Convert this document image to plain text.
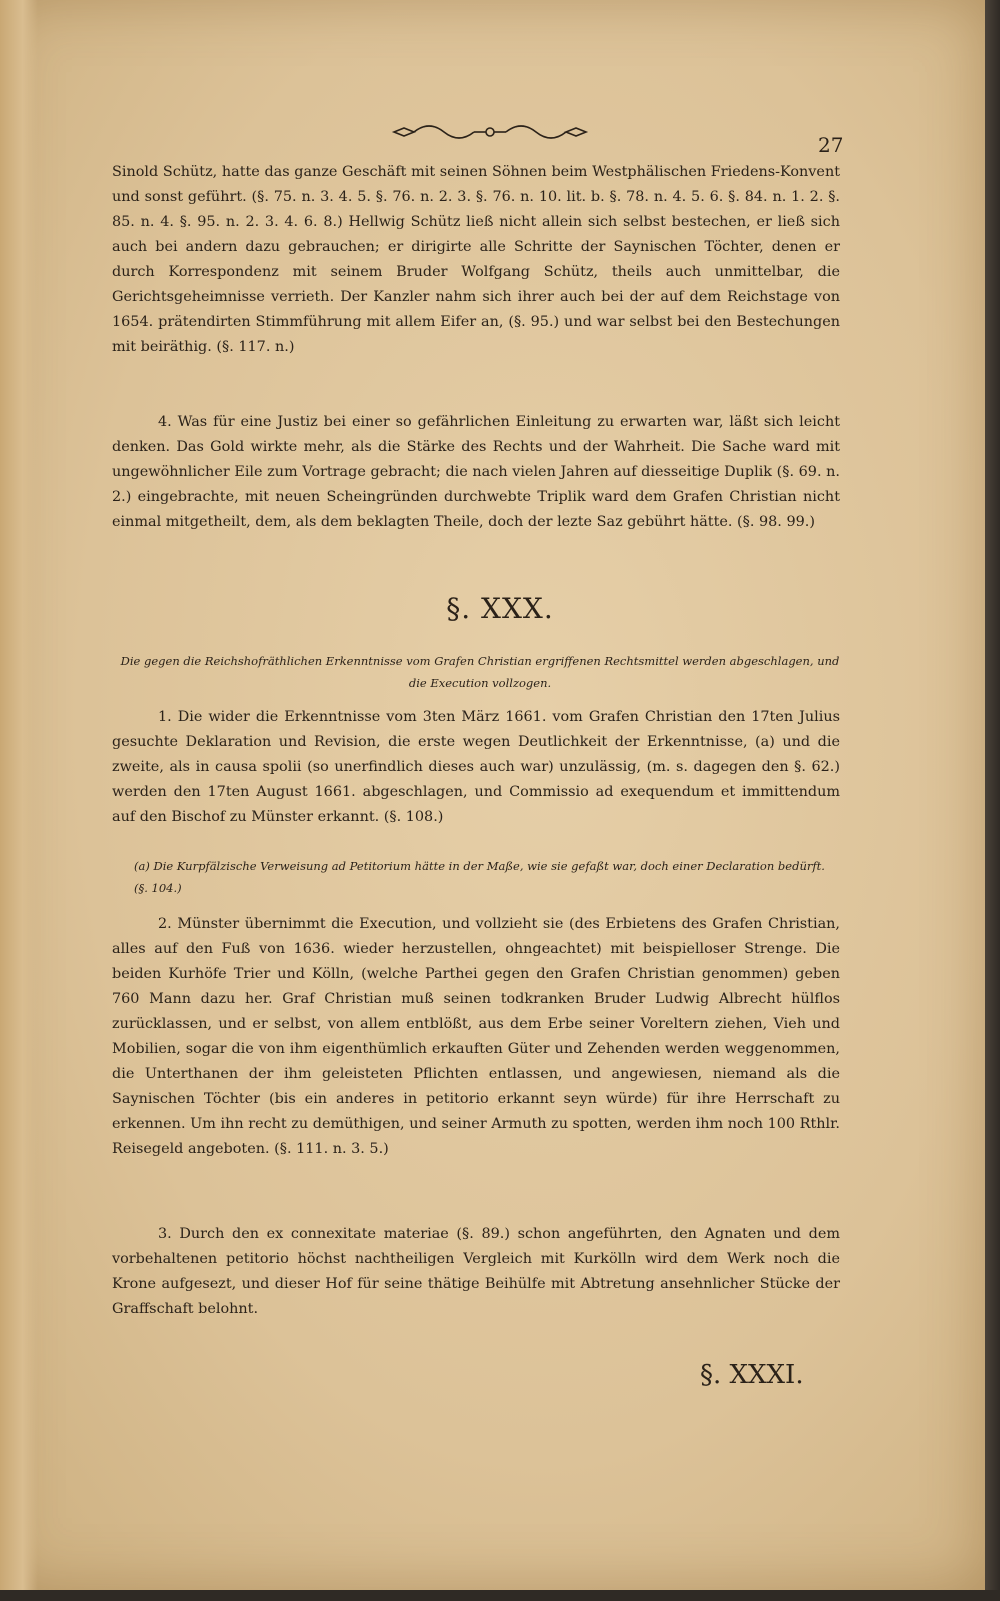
27

Sinold Schütz, hatte das ganze Geschäft mit seinen Söhnen beim Westphälischen Friedens-Konvent und sonst geführt. (§. 75. n. 3. 4. 5. §. 76. n. 2. 3. §. 76. n. 10. lit. b. §. 78. n. 4. 5. 6. §. 84. n. 1. 2. §. 85. n. 4. §. 95. n. 2. 3. 4. 6. 8.) Hellwig Schütz ließ nicht allein sich selbst bestechen, er ließ sich auch bei andern dazu gebrauchen; er dirigirte alle Schritte der Saynischen Töchter, denen er durch Korrespondenz mit seinem Bruder Wolfgang Schütz, theils auch unmittelbar, die Gerichtsgeheimnisse verrieth. Der Kanzler nahm sich ihrer auch bei der auf dem Reichstage von 1654. prätendirten Stimmführung mit allem Eifer an, (§. 95.) und war selbst bei den Bestechungen mit beiräthig. (§. 117. n.)

4. Was für eine Justiz bei einer so gefährlichen Einleitung zu erwarten war, läßt sich leicht denken. Das Gold wirkte mehr, als die Stärke des Rechts und der Wahrheit. Die Sache ward mit ungewöhnlicher Eile zum Vortrage gebracht; die nach vielen Jahren auf diesseitige Duplik (§. 69. n. 2.) eingebrachte, mit neuen Scheingründen durchwebte Triplik ward dem Grafen Christian nicht einmal mitgetheilt, dem, als dem beklagten Theile, doch der lezte Saz gebührt hätte. (§. 98. 99.)

§. XXX.
Die gegen die Reichshofräthlichen Erkenntnisse vom Grafen Christian ergriffenen Rechtsmittel werden abgeschlagen, und die Execution vollzogen.

1. Die wider die Erkenntnisse vom 3ten März 1661. vom Grafen Christian den 17ten Julius gesuchte Deklaration und Revision, die erste wegen Deutlichkeit der Erkenntnisse, (a) und die zweite, als in causa spolii (so unerfindlich dieses auch war) unzulässig, (m. s. dagegen den §. 62.) werden den 17ten August 1661. abgeschlagen, und Commissio ad exequendum et immittendum auf den Bischof zu Münster erkannt. (§. 108.)

(a) Die Kurpfälzische Verweisung ad Petitorium hätte in der Maße, wie sie gefaßt war, doch einer Declaration bedürft. (§. 104.)

2. Münster übernimmt die Execution, und vollzieht sie (des Erbietens des Grafen Christian, alles auf den Fuß von 1636. wieder herzustellen, ohngeachtet) mit beispielloser Strenge. Die beiden Kurhöfe Trier und Kölln, (welche Parthei gegen den Grafen Christian genommen) geben 760 Mann dazu her. Graf Christian muß seinen todkranken Bruder Ludwig Albrecht hülflos zurücklassen, und er selbst, von allem entblößt, aus dem Erbe seiner Voreltern ziehen, Vieh und Mobilien, sogar die von ihm eigenthümlich erkauften Güter und Zehenden werden weggenommen, die Unterthanen der ihm geleisteten Pflichten entlassen, und angewiesen, niemand als die Saynischen Töchter (bis ein anderes in petitorio erkannt seyn würde) für ihre Herrschaft zu erkennen. Um ihn recht zu demüthigen, und seiner Armuth zu spotten, werden ihm noch 100 Rthlr. Reisegeld angeboten. (§. 111. n. 3. 5.)

3. Durch den ex connexitate materiae (§. 89.) schon angeführten, den Agnaten und dem vorbehaltenen petitorio höchst nachtheiligen Vergleich mit Kurkölln wird dem Werk noch die Krone aufgesezt, und dieser Hof für seine thätige Beihülfe mit Abtretung ansehnlicher Stücke der Graffschaft belohnt.

§. XXXI.
